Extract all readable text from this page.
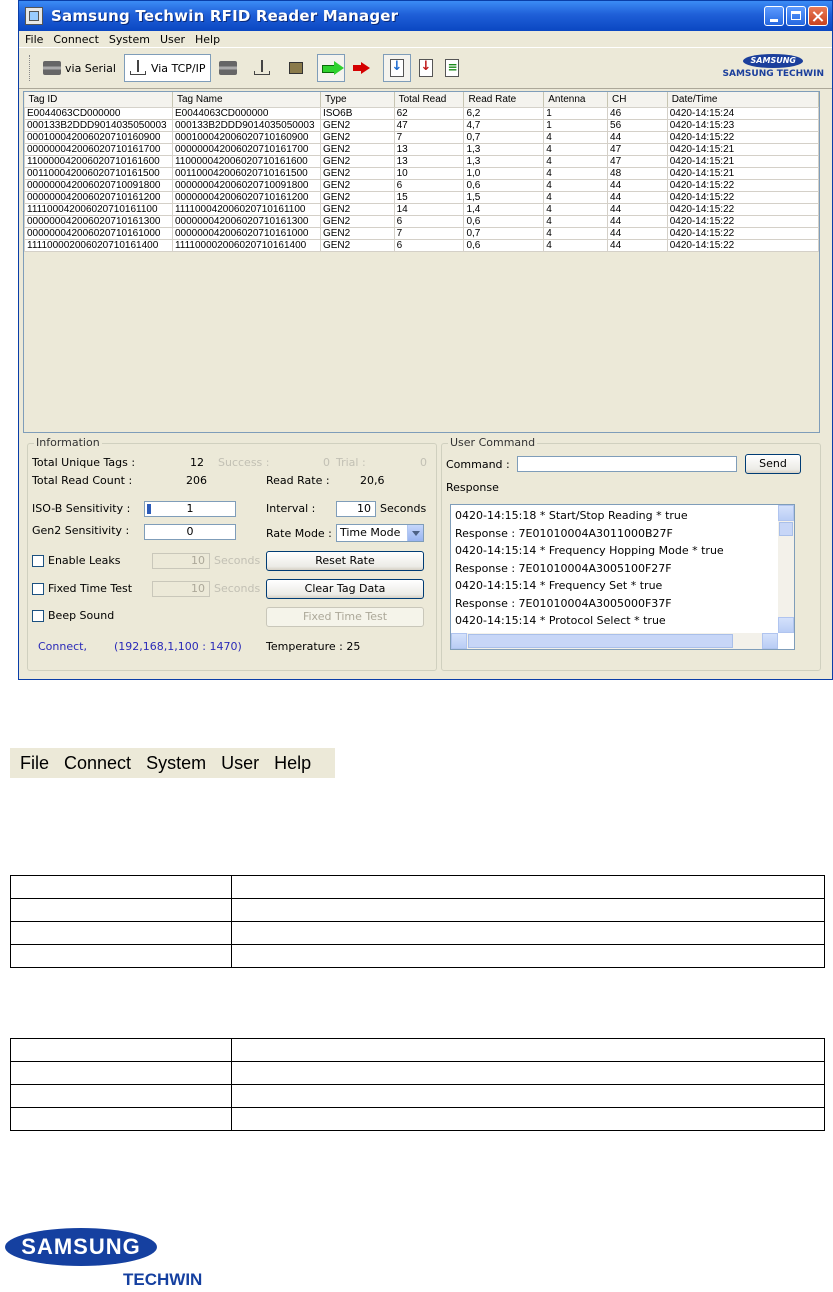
Samsung Techwin RFID Reader Manager
File Connect System User Help
via Serial	Via TCP/IP
↓
↓
≡
SAMSUNG
SAMSUNG TECHWIN
Tag ID	Tag Name	Type	Total Read	Read Rate	Antenna	CH	Date/Time
E0044063CD000000	E0044063CD000000	ISO6B	62	6,2	1	46	0420-14:15:24
000133B2DDD9014035050003	000133B2DDD9014035050003	GEN2	47	4,7	1	56	0420-14:15:23
000100042006020710160900	000100042006020710160900	GEN2	7	0,7	4	44	0420-14:15:22
000000042006020710161700	000000042006020710161700	GEN2	13	1,3	4	47	0420-14:15:21
110000042006020710161600	110000042006020710161600	GEN2	13	1,3	4	47	0420-14:15:21
001100042006020710161500	001100042006020710161500	GEN2	10	1,0	4	48	0420-14:15:21
000000042006020710091800	000000042006020710091800	GEN2	6	0,6	4	44	0420-14:15:22
000000042006020710161200	000000042006020710161200	GEN2	15	1,5	4	44	0420-14:15:22
111100042006020710161100	111100042006020710161100	GEN2	14	1,4	4	44	0420-14:15:22
000000042006020710161300	000000042006020710161300	GEN2	6	0,6	4	44	0420-14:15:22
000000042006020710161000	000000042006020710161000	GEN2	7	0,7	4	44	0420-14:15:22
111100002006020710161400	111100002006020710161400	GEN2	6	0,6	4	44	0420-14:15:22
Information
Total Unique Tags :	12 Success :	0 Trial :	0
Total Read Count :	206	Read Rate :	20,6
ISO-B Sensitivity :	1
Gen2 Sensitivity :	0
Interval :	10 Seconds
Rate Mode : Time Mode
Enable Leaks	10 Seconds
Fixed Time Test	10 Seconds
Beep Sound
Reset Rate
Clear Tag Data
Fixed Time Test
Connect, (192,168,1,100 : 1470) Temperature : 25
User Command
Command :	Send
Response
0420-14:15:18 * Start/Stop Reading * true
Response : 7E01010004A3011000B27F
0420-14:15:14 * Frequency Hopping Mode * true
Response : 7E01010004A3005100F27F
0420-14:15:14 * Frequency Set * true
Response : 7E01010004A3005000F37F
0420-14:15:14 * Protocol Select * true
File Connect System User Help

SAMSUNG
TECHWIN
